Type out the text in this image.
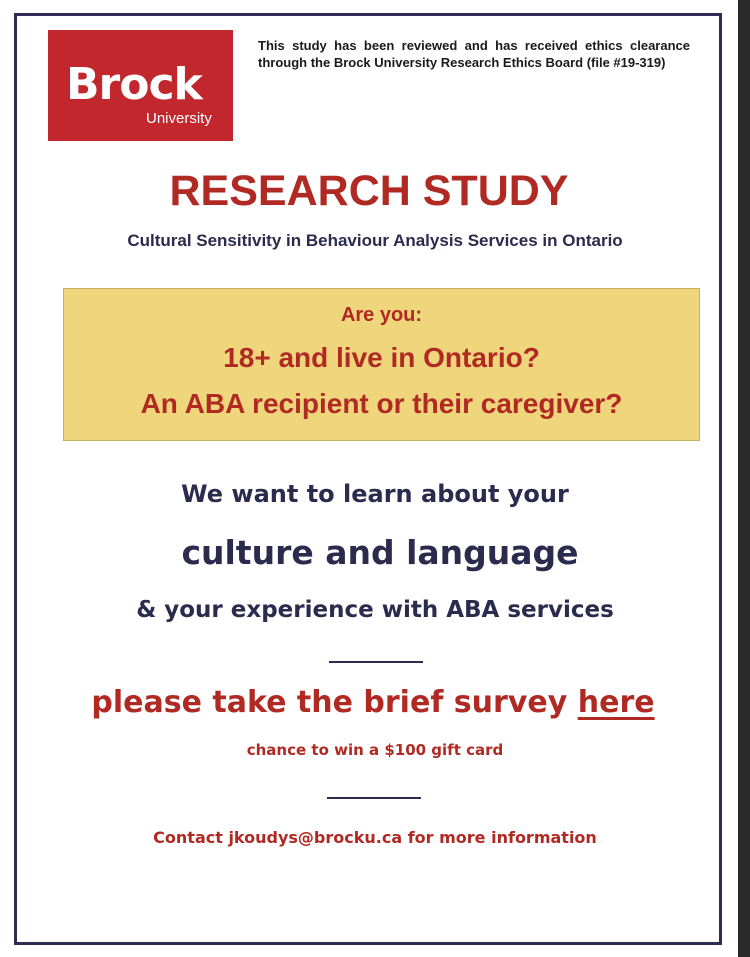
Brock
University
This study has been reviewed and has received ethics clearance through the Brock University Research Ethics Board (file #19-319)
RESEARCH STUDY
Cultural Sensitivity in Behaviour Analysis Services in Ontario
Are you:
18+ and live in Ontario?
An ABA recipient or their caregiver?
We want to learn about your
culture and language
& your experience with ABA services
please take the brief survey here
chance to win a $100 gift card
Contact jkoudys@brocku.ca for more information
